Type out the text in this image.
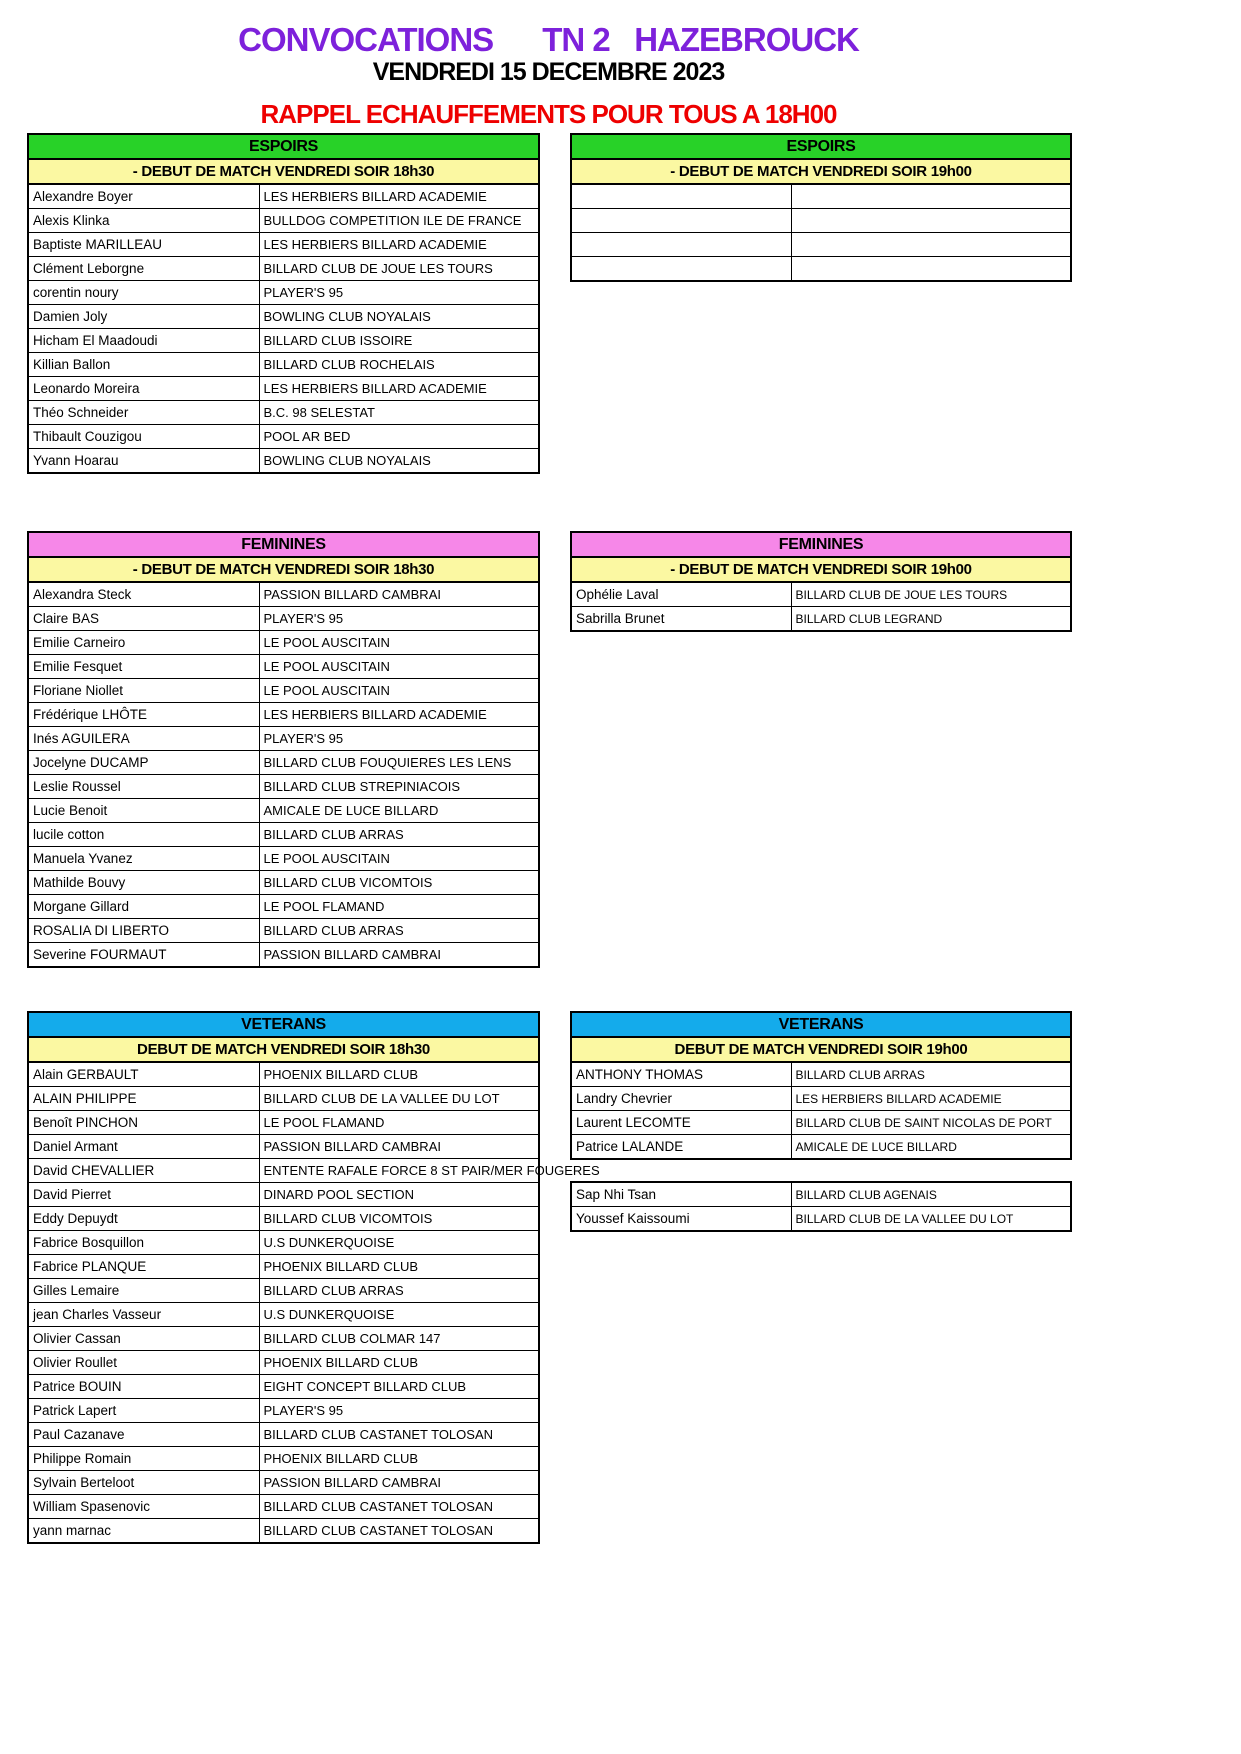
CONVOCATIONS      TN 2   HAZEBROUCK
VENDREDI 15 DECEMBRE 2023
RAPPEL ECHAUFFEMENTS POUR TOUS A 18H00
ESPOIRS	
- DEBUT DE MATCH VENDREDI SOIR 18h30	
Alexandre Boyer	LES HERBIERS BILLARD ACADEMIE
Alexis Klinka	BULLDOG COMPETITION ILE DE FRANCE
Baptiste MARILLEAU	LES HERBIERS BILLARD ACADEMIE
Clément Leborgne	BILLARD CLUB DE JOUE LES TOURS
corentin noury	PLAYER'S 95
Damien Joly	BOWLING CLUB NOYALAIS
Hicham El Maadoudi	BILLARD CLUB ISSOIRE
Killian Ballon	BILLARD CLUB ROCHELAIS
Leonardo Moreira	LES HERBIERS BILLARD ACADEMIE
Théo Schneider	B.C. 98 SELESTAT
Thibault Couzigou	POOL AR BED
Yvann Hoarau	BOWLING CLUB NOYALAIS
ESPOIRS	
- DEBUT DE MATCH VENDREDI SOIR 19h00	

FEMININES	
- DEBUT DE MATCH VENDREDI SOIR 18h30	
Alexandra Steck	PASSION BILLARD CAMBRAI
Claire BAS	PLAYER'S 95
Emilie Carneiro	LE POOL AUSCITAIN
Emilie Fesquet	LE POOL AUSCITAIN
Floriane Niollet	LE POOL AUSCITAIN
Frédérique LHÔTE	LES HERBIERS BILLARD ACADEMIE
Inés AGUILERA	PLAYER'S 95
Jocelyne DUCAMP	BILLARD CLUB FOUQUIERES LES LENS
Leslie Roussel	BILLARD CLUB STREPINIACOIS
Lucie Benoit	AMICALE DE LUCE BILLARD
lucile cotton	BILLARD CLUB ARRAS
Manuela Yvanez	LE POOL AUSCITAIN
Mathilde Bouvy	BILLARD CLUB VICOMTOIS
Morgane Gillard	LE POOL FLAMAND
ROSALIA DI LIBERTO	BILLARD CLUB ARRAS
Severine FOURMAUT	PASSION BILLARD CAMBRAI
FEMININES	
- DEBUT DE MATCH VENDREDI SOIR 19h00	
Ophélie Laval	BILLARD CLUB DE JOUE LES TOURS
Sabrilla Brunet	BILLARD CLUB LEGRAND
VETERANS	
DEBUT DE MATCH VENDREDI SOIR 18h30	
Alain GERBAULT	PHOENIX BILLARD CLUB
ALAIN PHILIPPE	BILLARD CLUB DE LA VALLEE DU LOT
Benoît PINCHON	LE POOL FLAMAND
Daniel Armant	PASSION BILLARD CAMBRAI
David CHEVALLIER	ENTENTE RAFALE FORCE 8 ST PAIR/MER FOUGERES
David Pierret	DINARD POOL SECTION
Eddy Depuydt	BILLARD CLUB VICOMTOIS
Fabrice Bosquillon	U.S DUNKERQUOISE
Fabrice PLANQUE	PHOENIX BILLARD CLUB
Gilles Lemaire	BILLARD CLUB ARRAS
jean Charles Vasseur	U.S DUNKERQUOISE
Olivier Cassan	BILLARD CLUB COLMAR 147
Olivier Roullet	PHOENIX BILLARD CLUB
Patrice BOUIN	EIGHT CONCEPT BILLARD CLUB
Patrick Lapert	PLAYER'S 95
Paul Cazanave	BILLARD CLUB CASTANET TOLOSAN
Philippe Romain	PHOENIX BILLARD CLUB
Sylvain Berteloot	PASSION BILLARD CAMBRAI
William Spasenovic	BILLARD CLUB CASTANET TOLOSAN
yann marnac	BILLARD CLUB CASTANET TOLOSAN
VETERANS	
DEBUT DE MATCH VENDREDI SOIR 19h00	
ANTHONY THOMAS	BILLARD CLUB ARRAS
Landry Chevrier	LES HERBIERS BILLARD ACADEMIE
Laurent LECOMTE	BILLARD CLUB DE SAINT NICOLAS DE PORT
Patrice LALANDE	AMICALE DE LUCE BILLARD
Sap Nhi Tsan	BILLARD CLUB AGENAIS
Youssef Kaissoumi	BILLARD CLUB DE LA VALLEE DU LOT
